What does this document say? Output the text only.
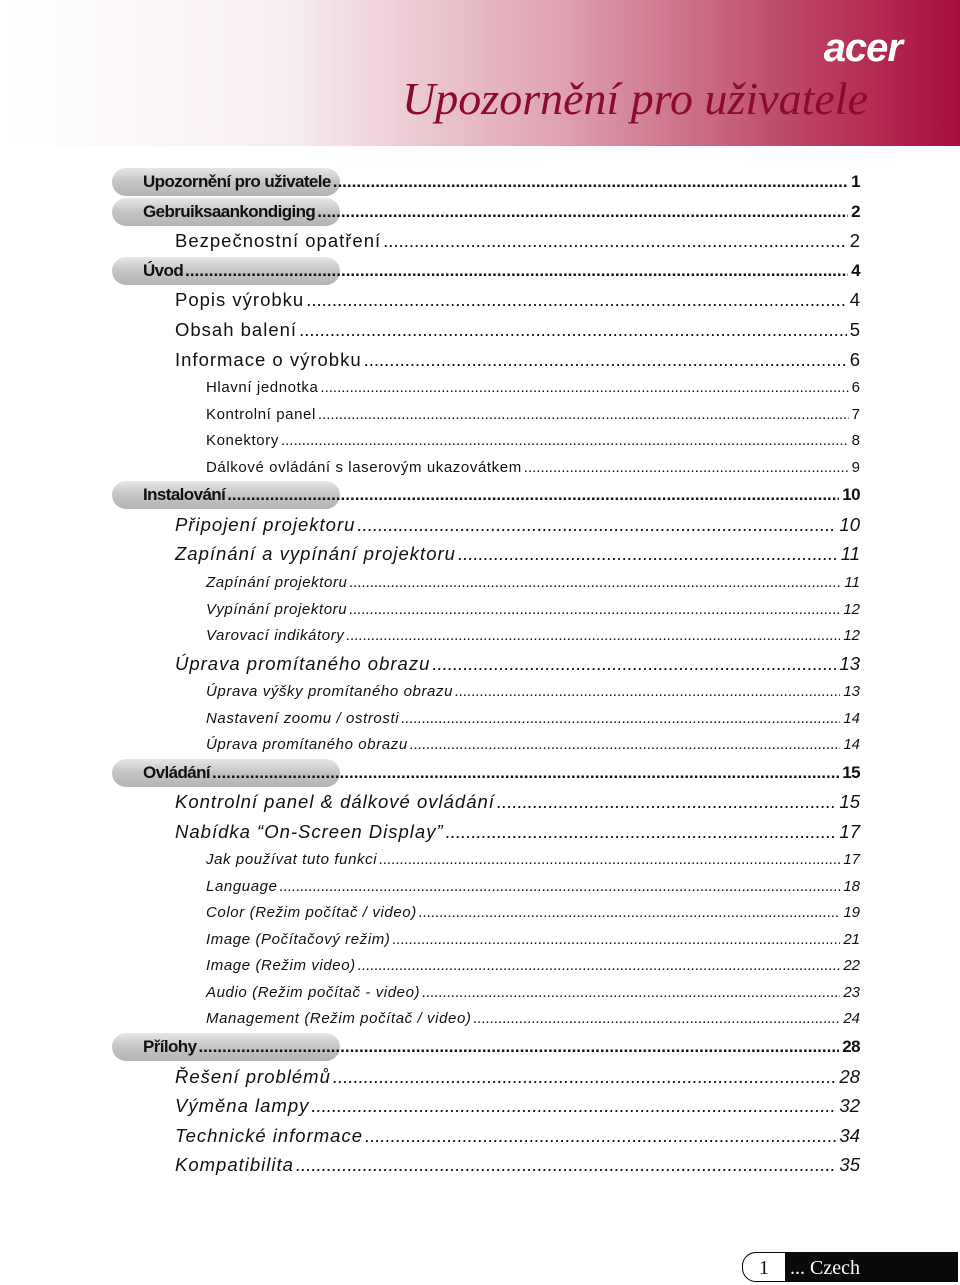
acer
Upozornění pro uživatele
Upozornění pro uživatele .....	1
Gebruiksaankondiging .....	2
Bezpečnostní opatření .....	2
Úvod .....	4
Popis výrobku .....	4
Obsah balení .....	5
Informace o výrobku .....	6
Hlavní jednotka .....	6
Kontrolní panel .....	7
Konektory .....	8
Dálkové ovládání s laserovým ukazovátkem .....	9
Instalování .....	10
Připojení projektoru .....	10
Zapínání a vypínání projektoru .....	11
Zapínání projektoru .....	11
Vypínání projektoru .....	12
Varovací indikátory .....	12
Úprava promítaného obrazu .....	13
Úprava výšky promítaného obrazu .....	13
Nastavení zoomu / ostrosti .....	14
Úprava promítaného obrazu .....	14
Ovládání .....	15
Kontrolní panel & dálkové ovládání .....	15
Nabídka “On-Screen Display” .....	17
Jak používat tuto funkci .....	17
Language .....	18
Color (Režim počítač / video) .....	19
Image (Počítačový režim) .....	21
Image (Režim video) .....	22
Audio (Režim počítač - video) .....	23
Management (Režim počítač / video) .....	24
Přílohy .....	28
Řešení problémů .....	28
Výměna lampy .....	32
Technické informace .....	34
Kompatibilita .....	35
1	... Czech
